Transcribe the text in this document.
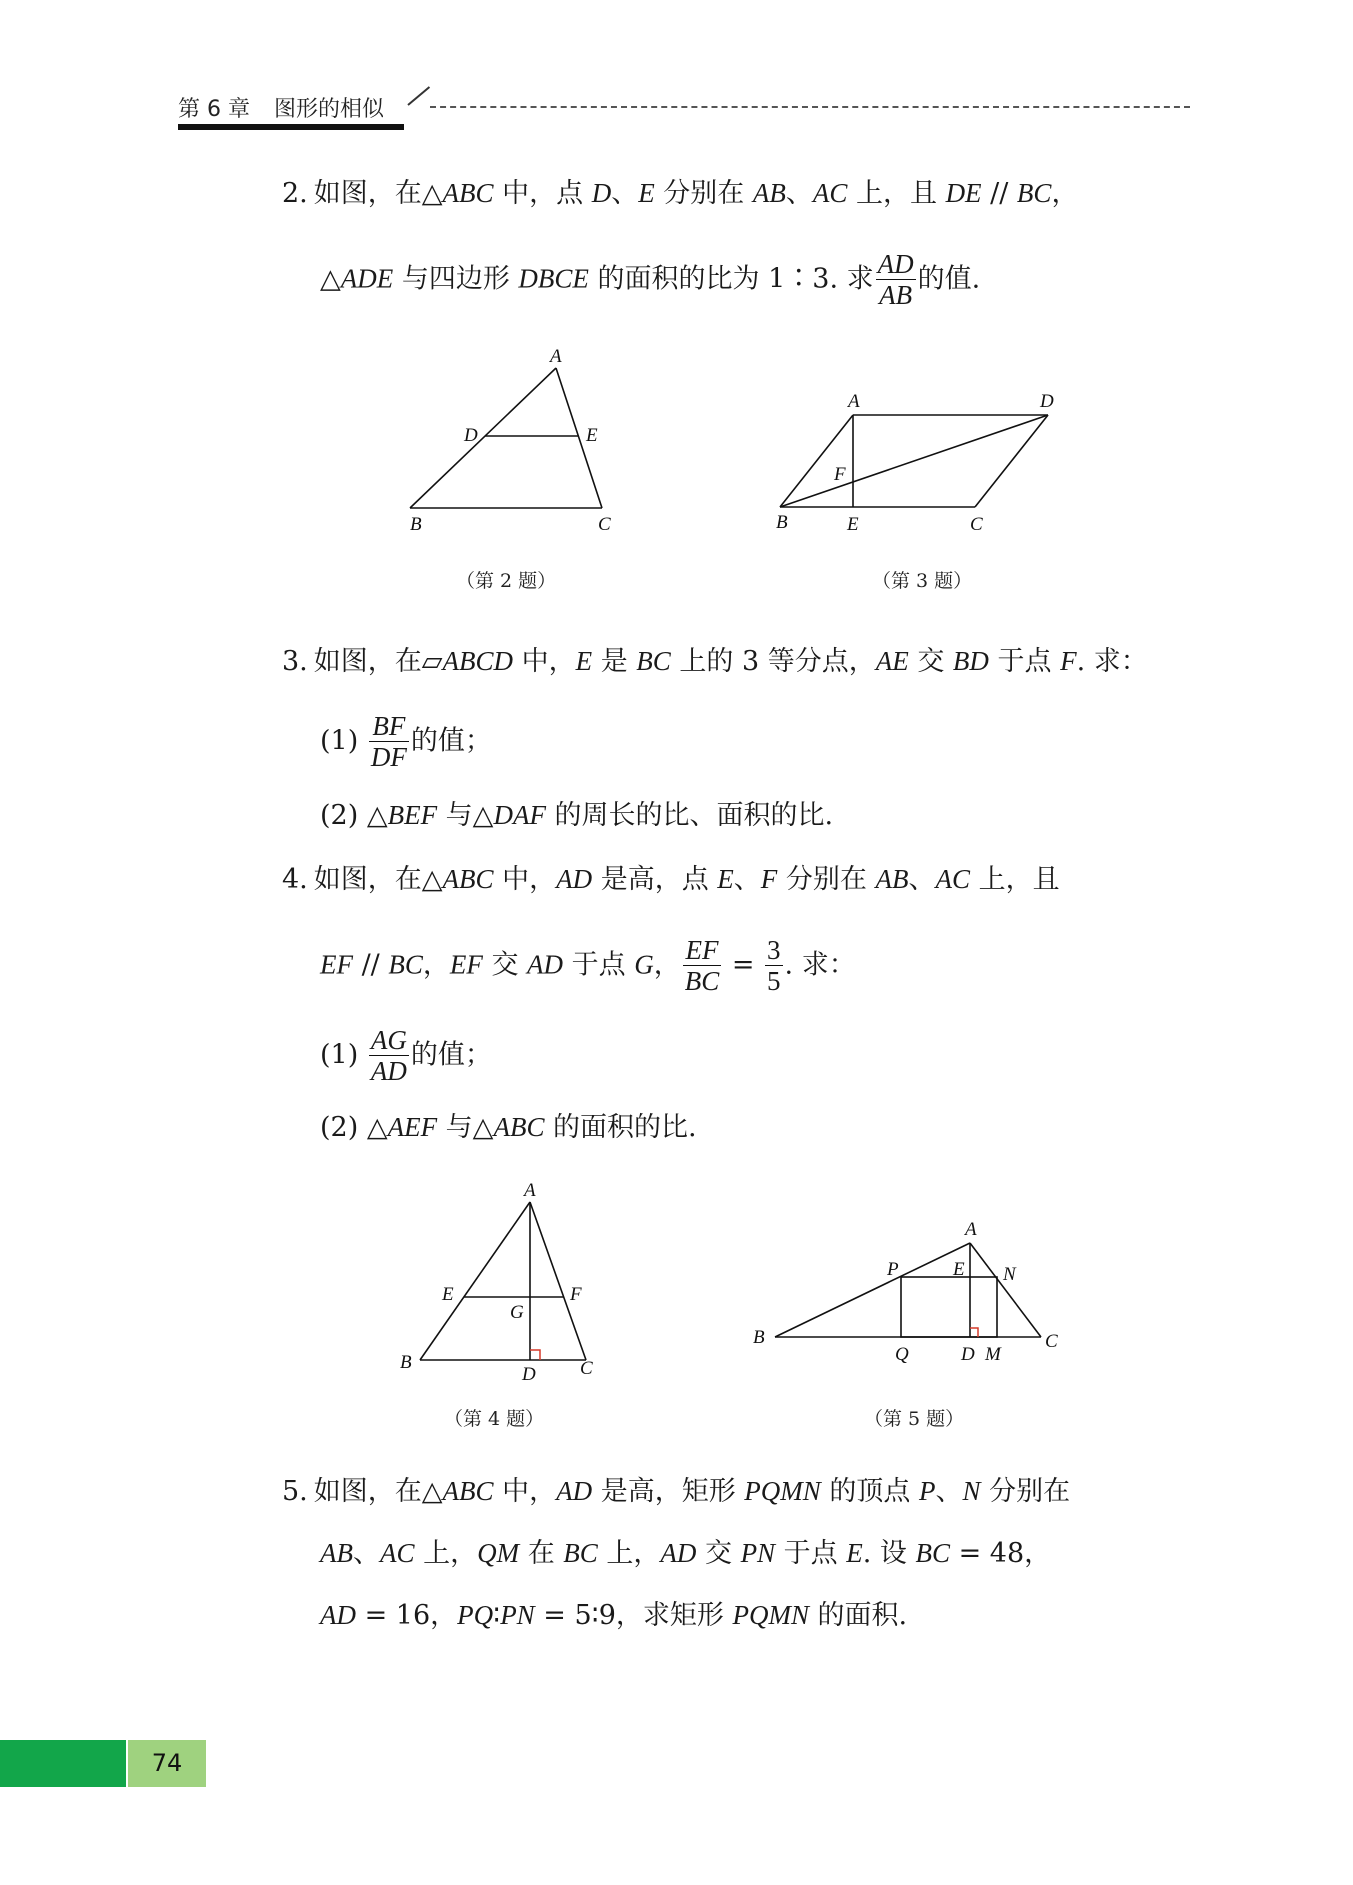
第 6 章 图形的相似
2. 如图，在△ABC 中，点 D、E 分别在 AB、AC 上，且 DE // BC，
△ADE 与四边形 DBCE 的面积的比为 1∶3. 求 $\frac{AD}{AB}$ 的值.
A
D	E
B	C
（第 2 题）
A	D
F
B	E	C
（第 3 题）
3. 如图，在▱ABCD 中，E 是 BC 上的 3 等分点，AE 交 BD 于点 F. 求：
$(1) \frac{BF}{DF}$ 的值；
(2) △BEF 与△DAF 的周长的比、面积的比.
4. 如图，在△ABC 中，AD 是高，点 E、F 分别在 AB、AC 上，且
EF // BC，EF 交 AD 于点 G， $\frac{EF}{BC} = \frac{3}{5}$ . 求：
$(1) \frac{AG}{AD}$ 的值；
(2) △AEF 与△ABC 的面积的比.
A
E
G
F
B
D C
（第 4 题）
A
P	E N
B
Q	D M
C
（第 5 题）
5. 如图，在△ABC 中，AD 是高，矩形 PQMN 的顶点 P、N 分别在
AB、AC 上，QM 在 BC 上，AD 交 PN 于点 E. 设 BC = 48，
AD = 16，PQ∶PN = 5∶9，求矩形 PQMN 的面积.
74
